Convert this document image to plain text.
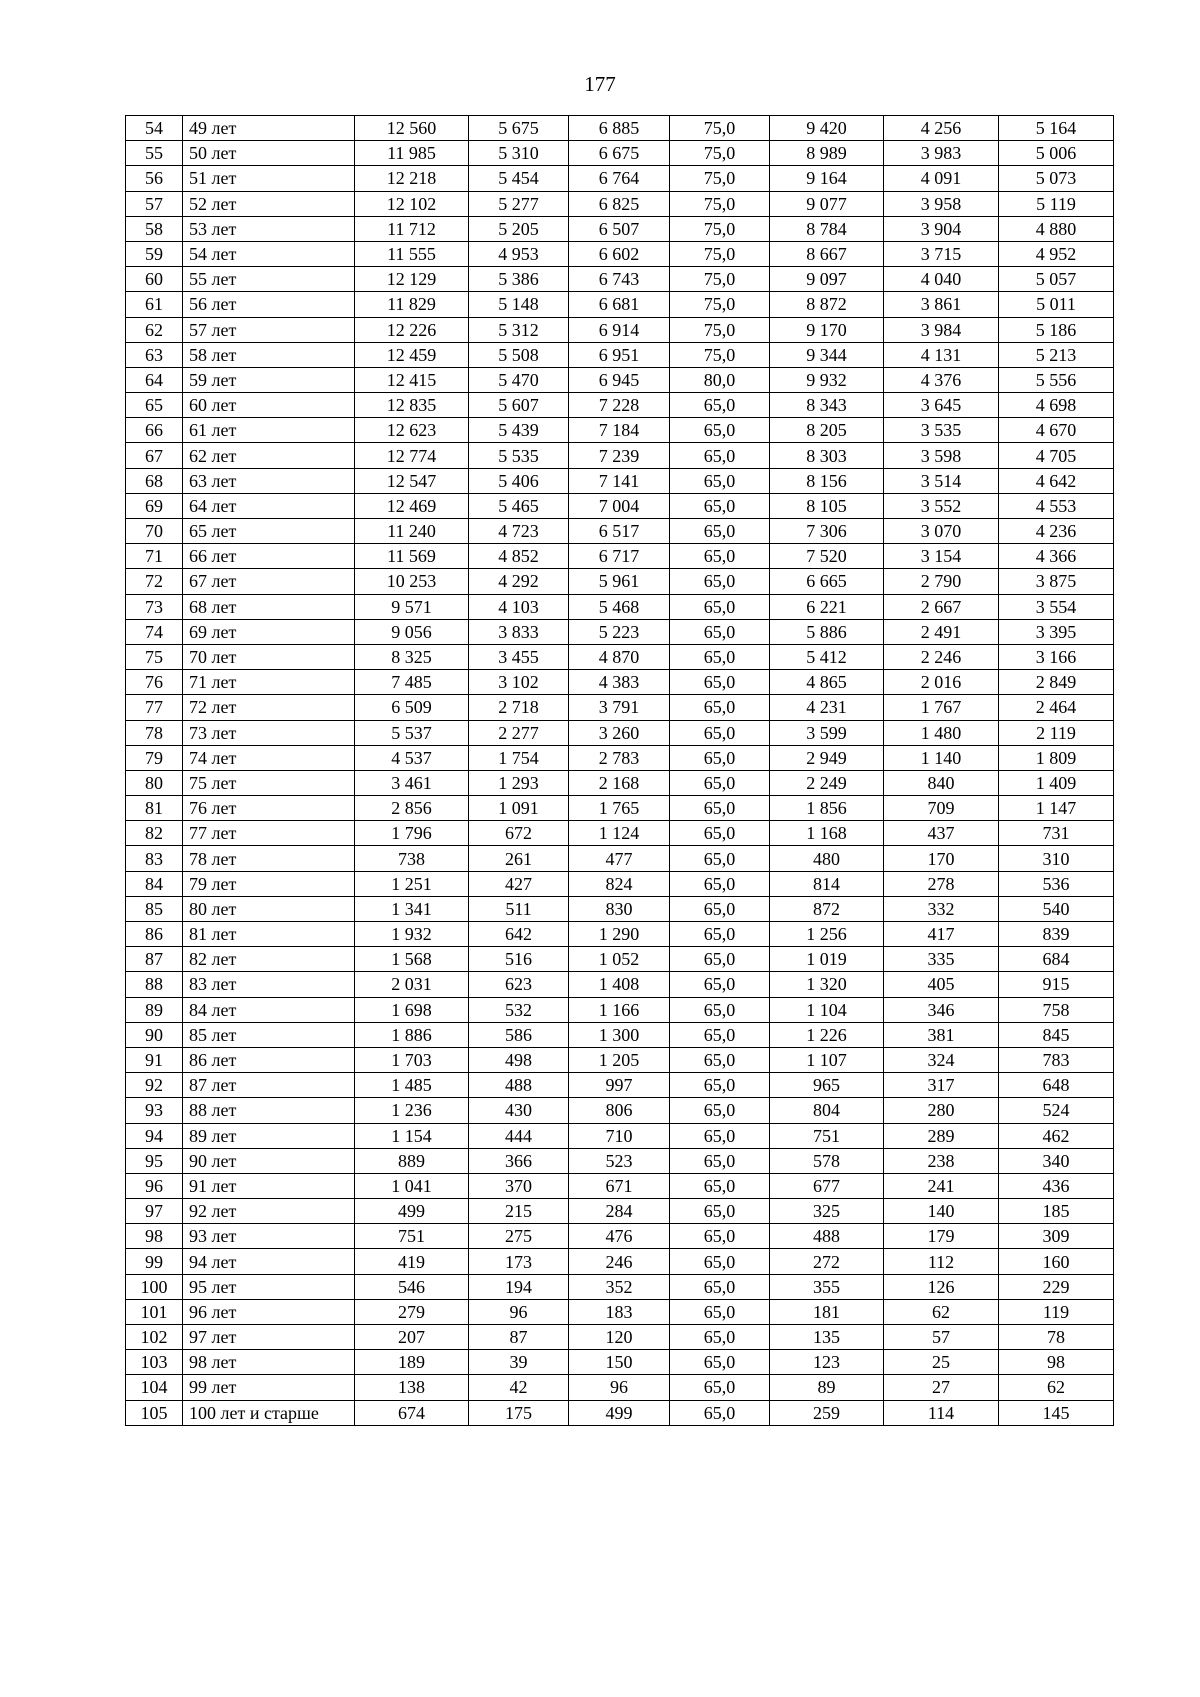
177
54	49 лет	12 560	5 675	6 885	75,0	9 420	4 256	5 164
55	50 лет	11 985	5 310	6 675	75,0	8 989	3 983	5 006
56	51 лет	12 218	5 454	6 764	75,0	9 164	4 091	5 073
57	52 лет	12 102	5 277	6 825	75,0	9 077	3 958	5 119
58	53 лет	11 712	5 205	6 507	75,0	8 784	3 904	4 880
59	54 лет	11 555	4 953	6 602	75,0	8 667	3 715	4 952
60	55 лет	12 129	5 386	6 743	75,0	9 097	4 040	5 057
61	56 лет	11 829	5 148	6 681	75,0	8 872	3 861	5 011
62	57 лет	12 226	5 312	6 914	75,0	9 170	3 984	5 186
63	58 лет	12 459	5 508	6 951	75,0	9 344	4 131	5 213
64	59 лет	12 415	5 470	6 945	80,0	9 932	4 376	5 556
65	60 лет	12 835	5 607	7 228	65,0	8 343	3 645	4 698
66	61 лет	12 623	5 439	7 184	65,0	8 205	3 535	4 670
67	62 лет	12 774	5 535	7 239	65,0	8 303	3 598	4 705
68	63 лет	12 547	5 406	7 141	65,0	8 156	3 514	4 642
69	64 лет	12 469	5 465	7 004	65,0	8 105	3 552	4 553
70	65 лет	11 240	4 723	6 517	65,0	7 306	3 070	4 236
71	66 лет	11 569	4 852	6 717	65,0	7 520	3 154	4 366
72	67 лет	10 253	4 292	5 961	65,0	6 665	2 790	3 875
73	68 лет	9 571	4 103	5 468	65,0	6 221	2 667	3 554
74	69 лет	9 056	3 833	5 223	65,0	5 886	2 491	3 395
75	70 лет	8 325	3 455	4 870	65,0	5 412	2 246	3 166
76	71 лет	7 485	3 102	4 383	65,0	4 865	2 016	2 849
77	72 лет	6 509	2 718	3 791	65,0	4 231	1 767	2 464
78	73 лет	5 537	2 277	3 260	65,0	3 599	1 480	2 119
79	74 лет	4 537	1 754	2 783	65,0	2 949	1 140	1 809
80	75 лет	3 461	1 293	2 168	65,0	2 249	840	1 409
81	76 лет	2 856	1 091	1 765	65,0	1 856	709	1 147
82	77 лет	1 796	672	1 124	65,0	1 168	437	731
83	78 лет	738	261	477	65,0	480	170	310
84	79 лет	1 251	427	824	65,0	814	278	536
85	80 лет	1 341	511	830	65,0	872	332	540
86	81 лет	1 932	642	1 290	65,0	1 256	417	839
87	82 лет	1 568	516	1 052	65,0	1 019	335	684
88	83 лет	2 031	623	1 408	65,0	1 320	405	915
89	84 лет	1 698	532	1 166	65,0	1 104	346	758
90	85 лет	1 886	586	1 300	65,0	1 226	381	845
91	86 лет	1 703	498	1 205	65,0	1 107	324	783
92	87 лет	1 485	488	997	65,0	965	317	648
93	88 лет	1 236	430	806	65,0	804	280	524
94	89 лет	1 154	444	710	65,0	751	289	462
95	90 лет	889	366	523	65,0	578	238	340
96	91 лет	1 041	370	671	65,0	677	241	436
97	92 лет	499	215	284	65,0	325	140	185
98	93 лет	751	275	476	65,0	488	179	309
99	94 лет	419	173	246	65,0	272	112	160
100	95 лет	546	194	352	65,0	355	126	229
101	96 лет	279	96	183	65,0	181	62	119
102	97 лет	207	87	120	65,0	135	57	78
103	98 лет	189	39	150	65,0	123	25	98
104	99 лет	138	42	96	65,0	89	27	62
105	100 лет и старше	674	175	499	65,0	259	114	145
